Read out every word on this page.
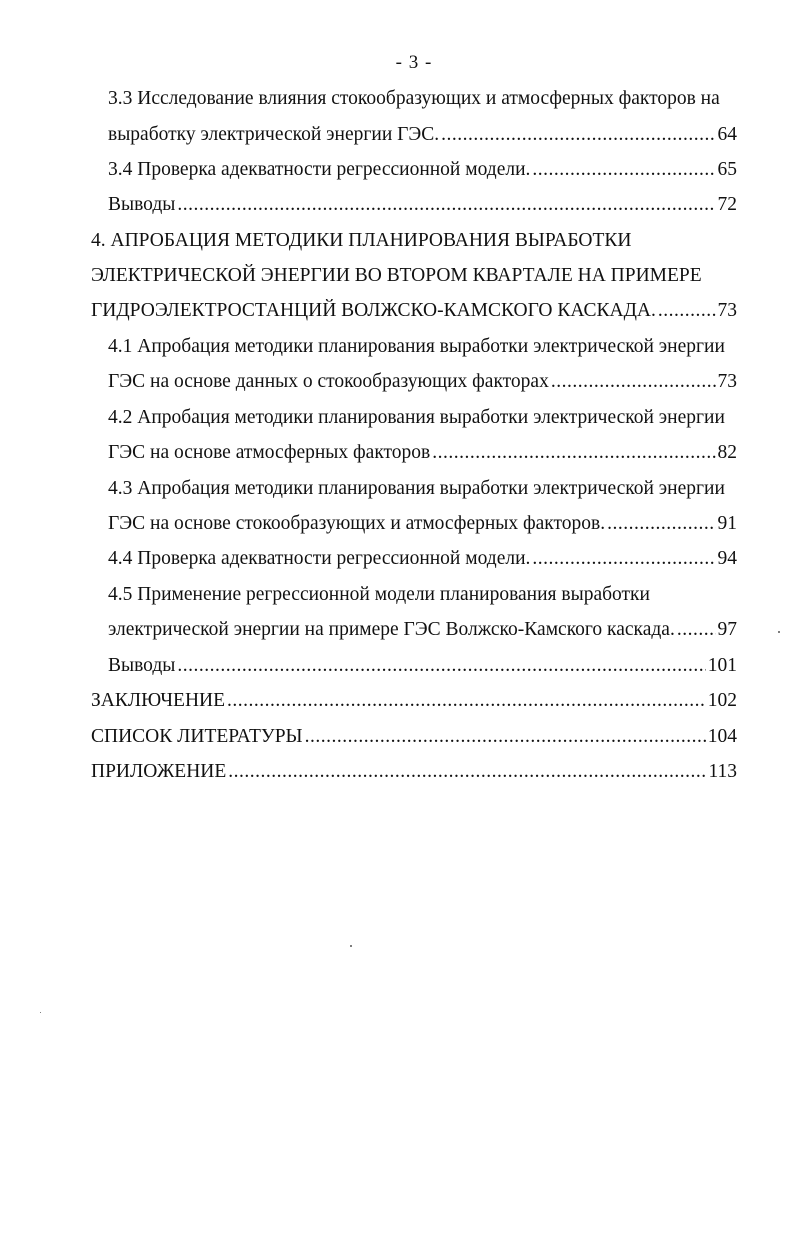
- 3 -
3.3 Исследование влияния стокообразующих и атмосферных факторов на
выработку электрической энергии ГЭС. .....	64
3.4 Проверка адекватности регрессионной модели. .....	65
Выводы .....	72
4. АПРОБАЦИЯ МЕТОДИКИ ПЛАНИРОВАНИЯ ВЫРАБОТКИ
ЭЛЕКТРИЧЕСКОЙ ЭНЕРГИИ ВО ВТОРОМ КВАРТАЛЕ НА ПРИМЕРЕ
ГИДРОЭЛЕКТРОСТАНЦИЙ ВОЛЖСКО-КАМСКОГО КАСКАДА. .....	73
4.1 Апробация методики планирования выработки электрической энергии
ГЭС на основе данных о стокообразующих факторах .....	73
4.2 Апробация методики планирования выработки электрической энергии
ГЭС на основе атмосферных факторов .....	82
4.3 Апробация методики планирования выработки электрической энергии
ГЭС на основе стокообразующих и атмосферных факторов. .....	91
4.4 Проверка адекватности регрессионной модели. .....	94
4.5 Применение регрессионной модели планирования выработки
электрической энергии на примере ГЭС Волжско-Камского каскада. ..... 97
Выводы .....	101
ЗАКЛЮЧЕНИЕ .....	102
СПИСОК ЛИТЕРАТУРЫ .....	104
ПРИЛОЖЕНИЕ .....	113
